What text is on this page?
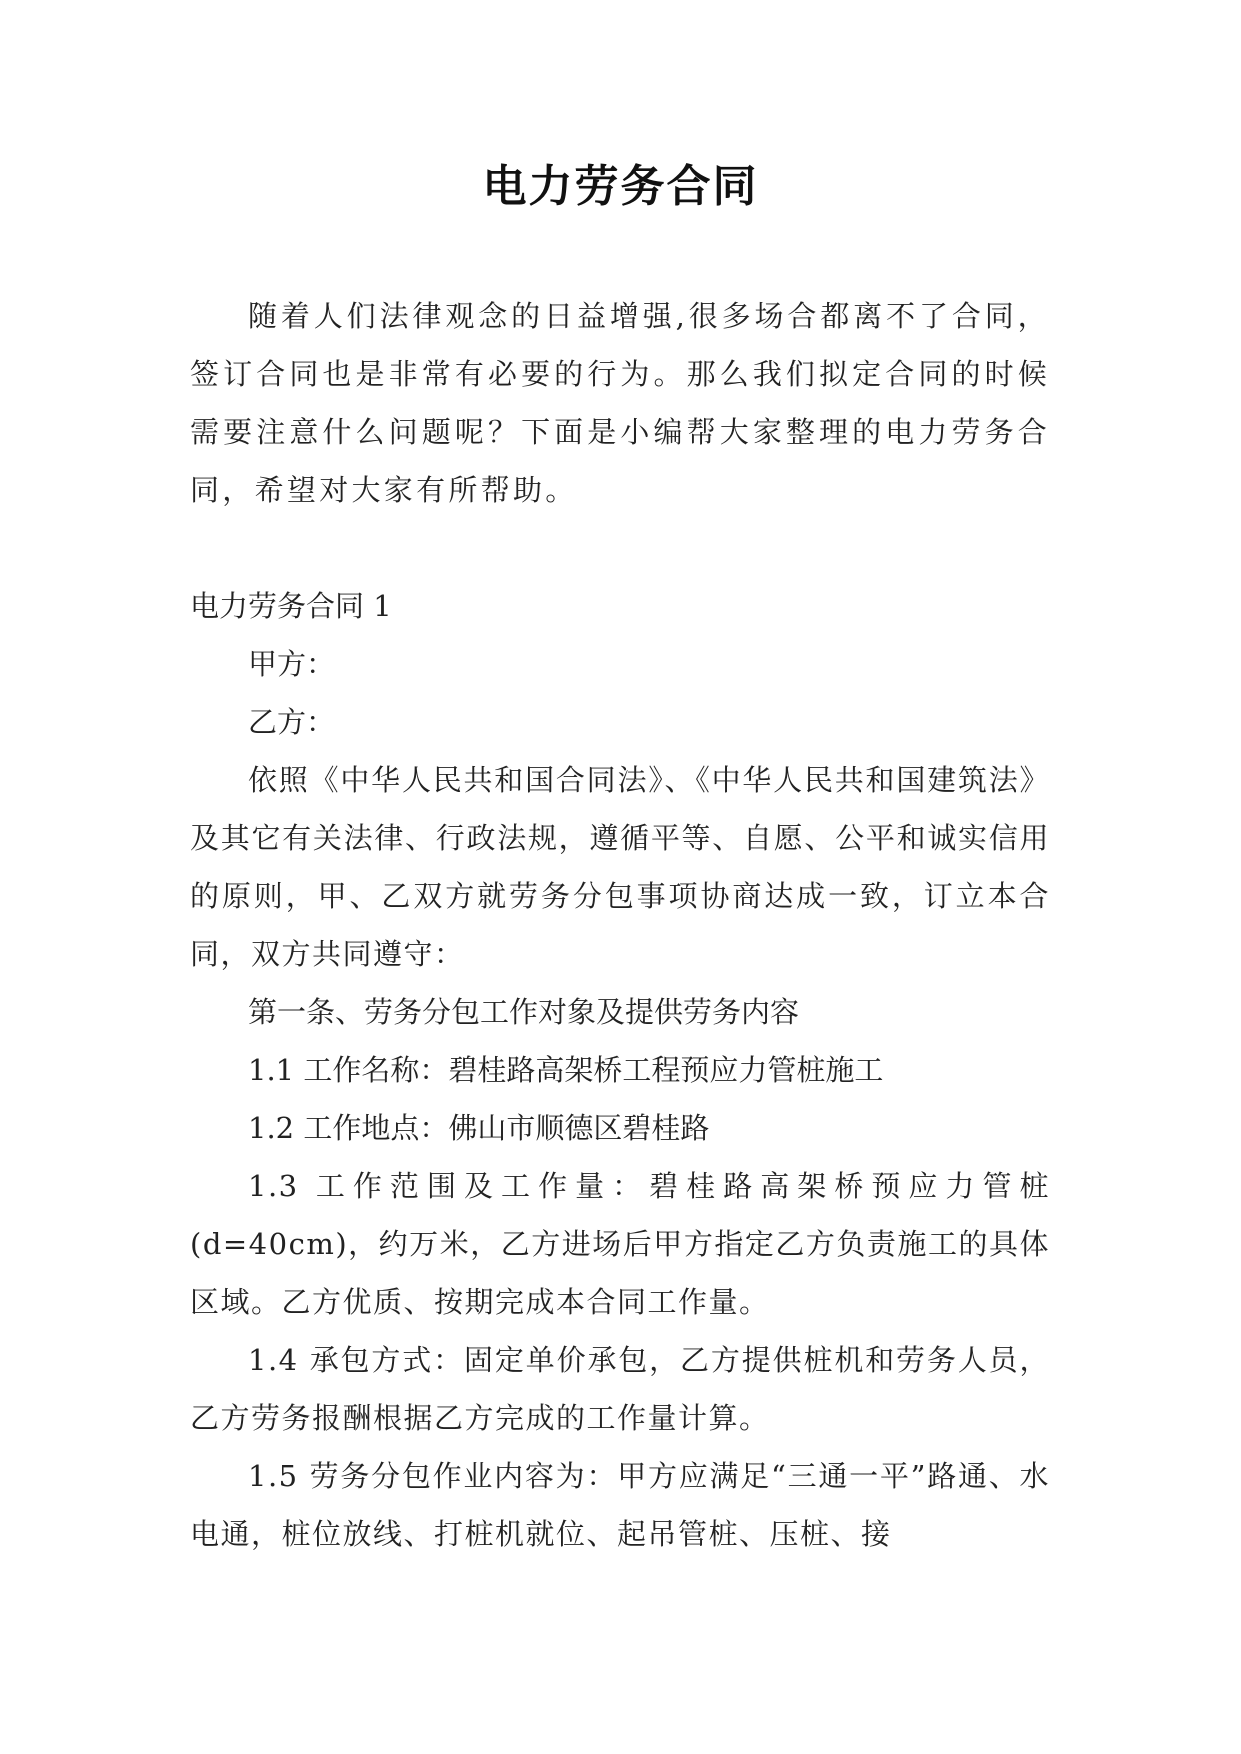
电力劳务合同

随着人们法律观念的日益增强,很多场合都离不了合同，签订合同也是非常有必要的行为。那么我们拟定合同的时候需要注意什么问题呢？下面是小编帮大家整理的电力劳务合同，希望对大家有所帮助。

电力劳务合同 1

甲方：

乙方：

依照《中华人民共和国合同法》、《中华人民共和国建筑法》及其它有关法律、行政法规，遵循平等、自愿、公平和诚实信用的原则，甲、乙双方就劳务分包事项协商达成一致，订立本合同，双方共同遵守：

第一条、劳务分包工作对象及提供劳务内容

1.1 工作名称：碧桂路高架桥工程预应力管桩施工

1.2 工作地点：佛山市顺德区碧桂路

1.3 工作范围及工作量：碧桂路高架桥预应力管桩(d=40cm)，约万米，乙方进场后甲方指定乙方负责施工的具体区域。乙方优质、按期完成本合同工作量。

1.4 承包方式：固定单价承包，乙方提供桩机和劳务人员，乙方劳务报酬根据乙方完成的工作量计算。

1.5 劳务分包作业内容为：甲方应满足“三通一平”路通、水电通，桩位放线、打桩机就位、起吊管桩、压桩、接
